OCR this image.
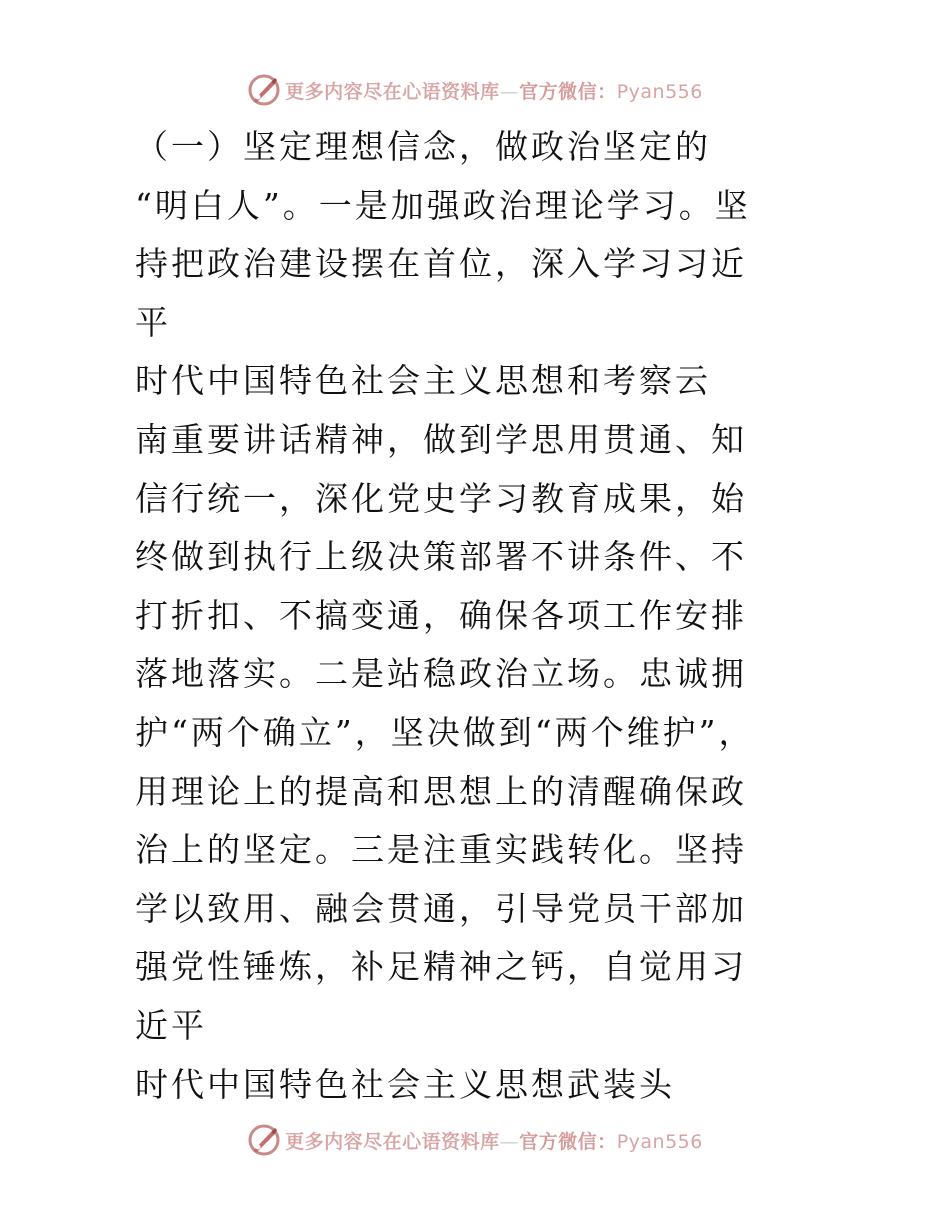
更多内容尽在心语资料库—官方微信：Pyan556
（一）坚定理想信念，做政治坚定的
“明白人”。一是加强政治理论学习。坚
持把政治建设摆在首位，深入学习习近
平
时代中国特色社会主义思想和考察云
南重要讲话精神，做到学思用贯通、知
信行统一，深化党史学习教育成果，始
终做到执行上级决策部署不讲条件、不
打折扣、不搞变通，确保各项工作安排
落地落实。二是站稳政治立场。忠诚拥
护“两个确立”，坚决做到“两个维护”，
用理论上的提高和思想上的清醒确保政
治上的坚定。三是注重实践转化。坚持
学以致用、融会贯通，引导党员干部加
强党性锤炼，补足精神之钙，自觉用习
近平
时代中国特色社会主义思想武装头
更多内容尽在心语资料库—官方微信：Pyan556
